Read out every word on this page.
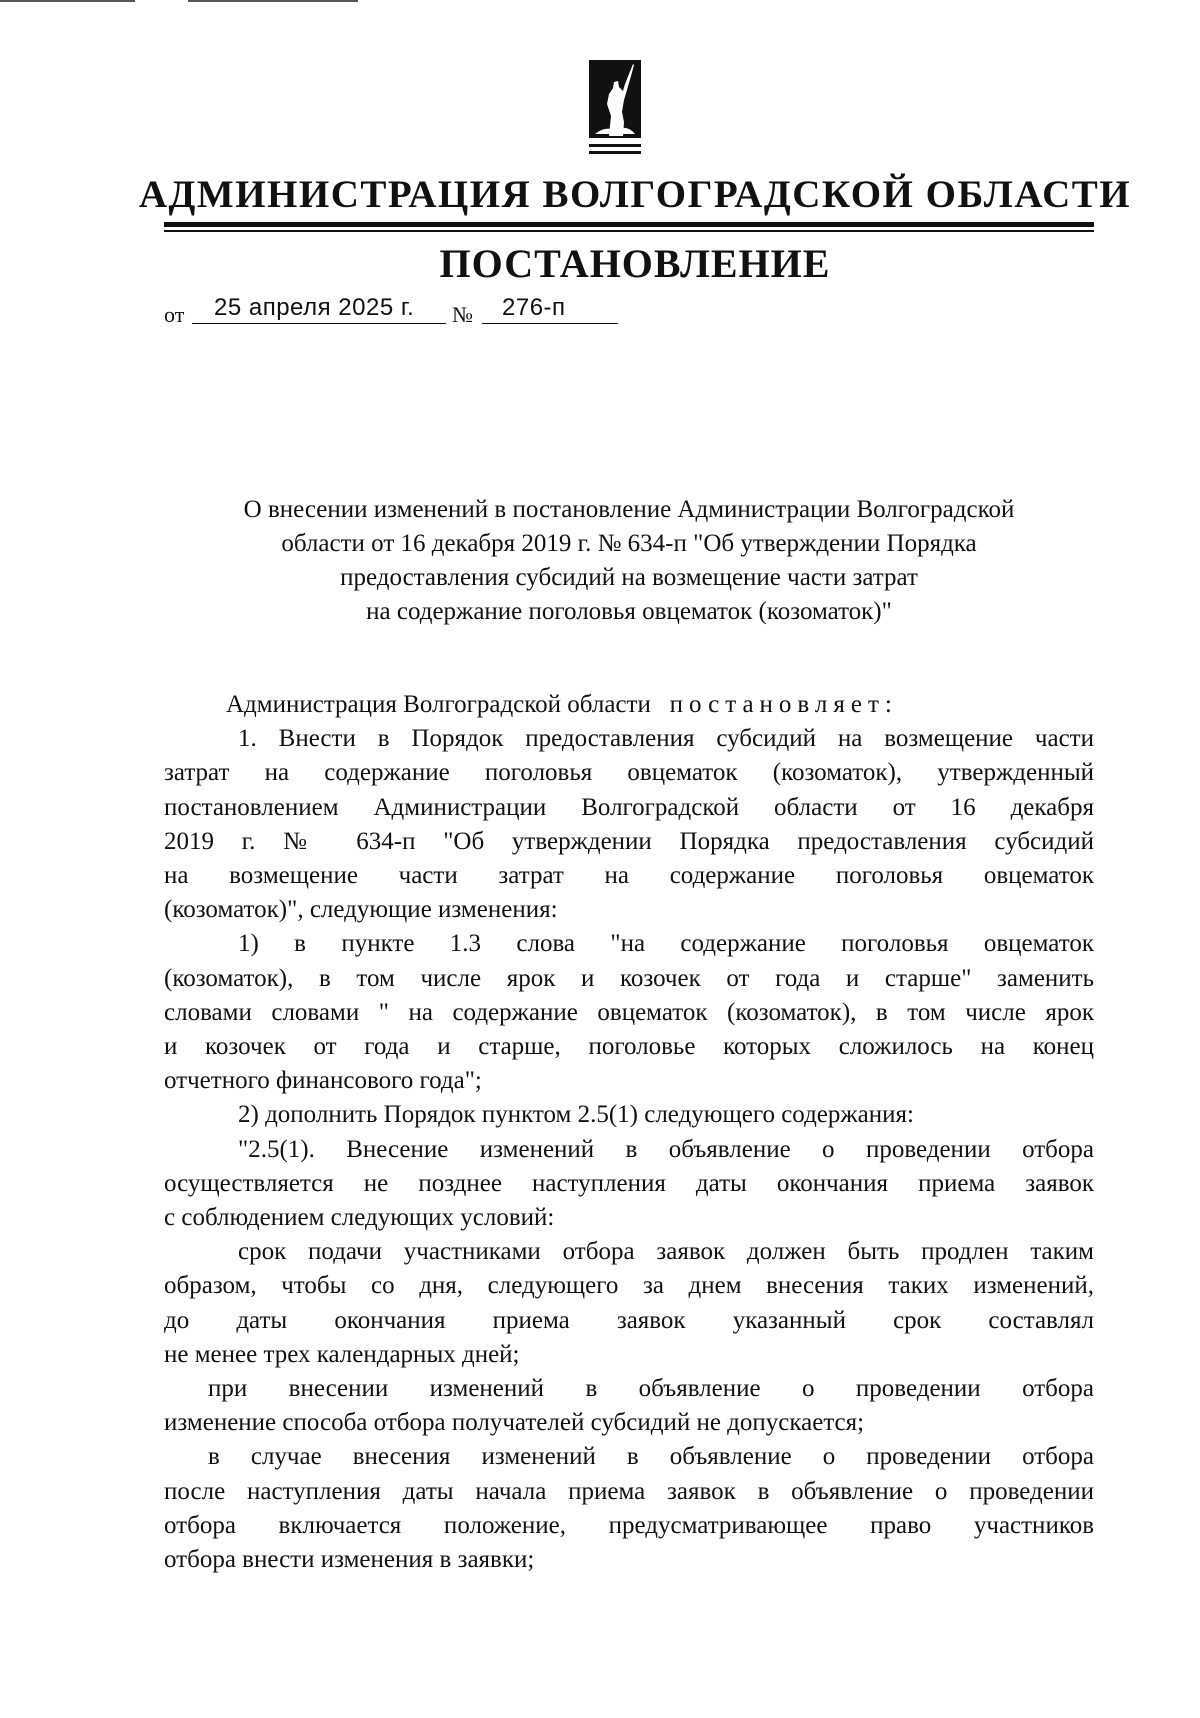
АДМИНИСТРАЦИЯ ВОЛГОГРАДСКОЙ ОБЛАСТИ
ПОСТАНОВЛЕНИЕ
от 25 апреля 2025 г. № 276-п
О внесении изменений в постановление Администрации Волгоградской
области от 16 декабря 2019 г. № 634-п "Об утверждении Порядка
предоставления субсидий на возмещение части затрат
на содержание поголовья овцематок (козоматок)"
Администрация Волгоградской области постановляет:
1. Внести в Порядок предоставления субсидий на возмещение части
затрат на содержание поголовья овцематок (козоматок), утвержденный
постановлением Администрации Волгоградской области от 16 декабря
2019 г. № 634-п "Об утверждении Порядка предоставления субсидий
на возмещение части затрат на содержание поголовья овцематок
(козоматок)", следующие изменения:
1) в пункте 1.3 слова "на содержание поголовья овцематок
(козоматок), в том числе ярок и козочек от года и старше" заменить
словами словами " на содержание овцематок (козоматок), в том числе ярок
и козочек от года и старше, поголовье которых сложилось на конец
отчетного финансового года";
2) дополнить Порядок пунктом 2.5(1) следующего содержания:
"2.5(1). Внесение изменений в объявление о проведении отбора
осуществляется не позднее наступления даты окончания приема заявок
с соблюдением следующих условий:
срок подачи участниками отбора заявок должен быть продлен таким
образом, чтобы со дня, следующего за днем внесения таких изменений,
до даты окончания приема заявок указанный срок составлял
не менее трех календарных дней;
при внесении изменений в объявление о проведении отбора
изменение способа отбора получателей субсидий не допускается;
в случае внесения изменений в объявление о проведении отбора
после наступления даты начала приема заявок в объявление о проведении
отбора включается положение, предусматривающее право участников
отбора внести изменения в заявки;
